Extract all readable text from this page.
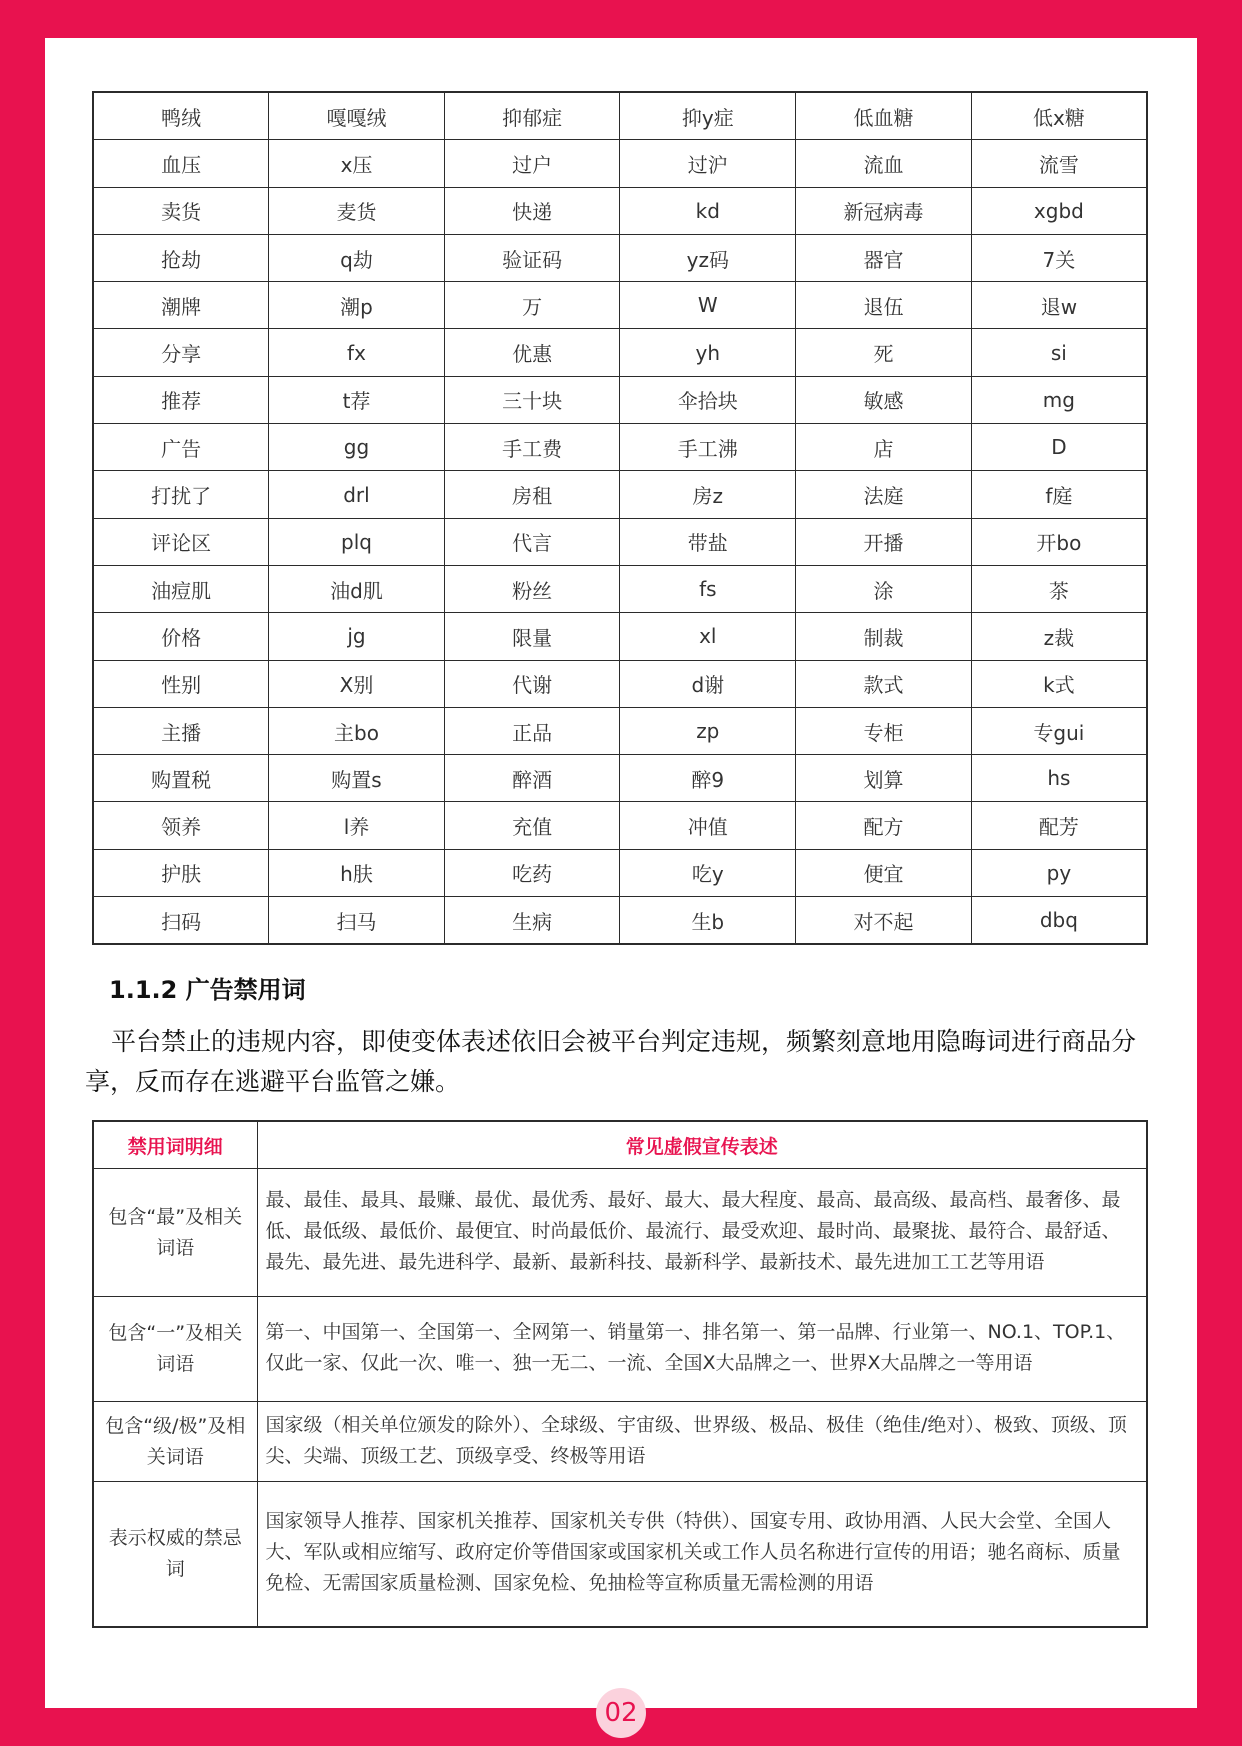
鸭绒	嘎嘎绒	抑郁症	抑y症	低血糖	低x糖
血压	x压	过户	过沪	流血	流雪
卖货	麦货	快递	kd	新冠病毒	xgbd
抢劫	q劫	验证码	yz码	器官	7关
潮牌	潮p	万	W	退伍	退w
分享	fx	优惠	yh	死	si
推荐	t荐	三十块	伞拾块	敏感	mg
广告	gg	手工费	手工沸	店	D
打扰了	drl	房租	房z	法庭	f庭
评论区	plq	代言	带盐	开播	开bo
油痘肌	油d肌	粉丝	fs	涂	茶
价格	jg	限量	xl	制裁	z裁
性别	X别	代谢	d谢	款式	k式
主播	主bo	正品	zp	专柜	专gui
购置税	购置s	醉酒	醉9	划算	hs
领养	l养	充值	冲值	配方	配芳
护肤	h肤	吃药	吃y	便宜	py
扫码	扫马	生病	生b	对不起	dbq
1.1.2 广告禁用词

平台禁止的违规内容，即使变体表述依旧会被平台判定违规，频繁刻意地用隐晦词进行商品分享，反而存在逃避平台监管之嫌。

禁用词明细	常见虚假宣传表述
包含“最”及相关词语	最、最佳、最具、最赚、最优、最优秀、最好、最大、最大程度、最高、最高级、最高档、最奢侈、最低、最低级、最低价、最便宜、时尚最低价、最流行、最受欢迎、最时尚、最聚拢、最符合、最舒适、最先、最先进、最先进科学、最新、最新科技、最新科学、最新技术、最先进加工工艺等用语
包含“一”及相关词语	第一、中国第一、全国第一、全网第一、销量第一、排名第一、第一品牌、行业第一、NO.1、TOP.1、仅此一家、仅此一次、唯一、独一无二、一流、全国X大品牌之一、世界X大品牌之一等用语
包含“级/极”及相关词语	国家级（相关单位颁发的除外）、全球级、宇宙级、世界级、极品、极佳（绝佳/绝对）、极致、顶级、顶尖、尖端、顶级工艺、顶级享受、终极等用语
表示权威的禁忌词	国家领导人推荐、国家机关推荐、国家机关专供（特供）、国宴专用、政协用酒、人民大会堂、全国人大、军队或相应缩写、政府定价等借国家或国家机关或工作人员名称进行宣传的用语；驰名商标、质量免检、无需国家质量检测、国家免检、免抽检等宣称质量无需检测的用语
02
